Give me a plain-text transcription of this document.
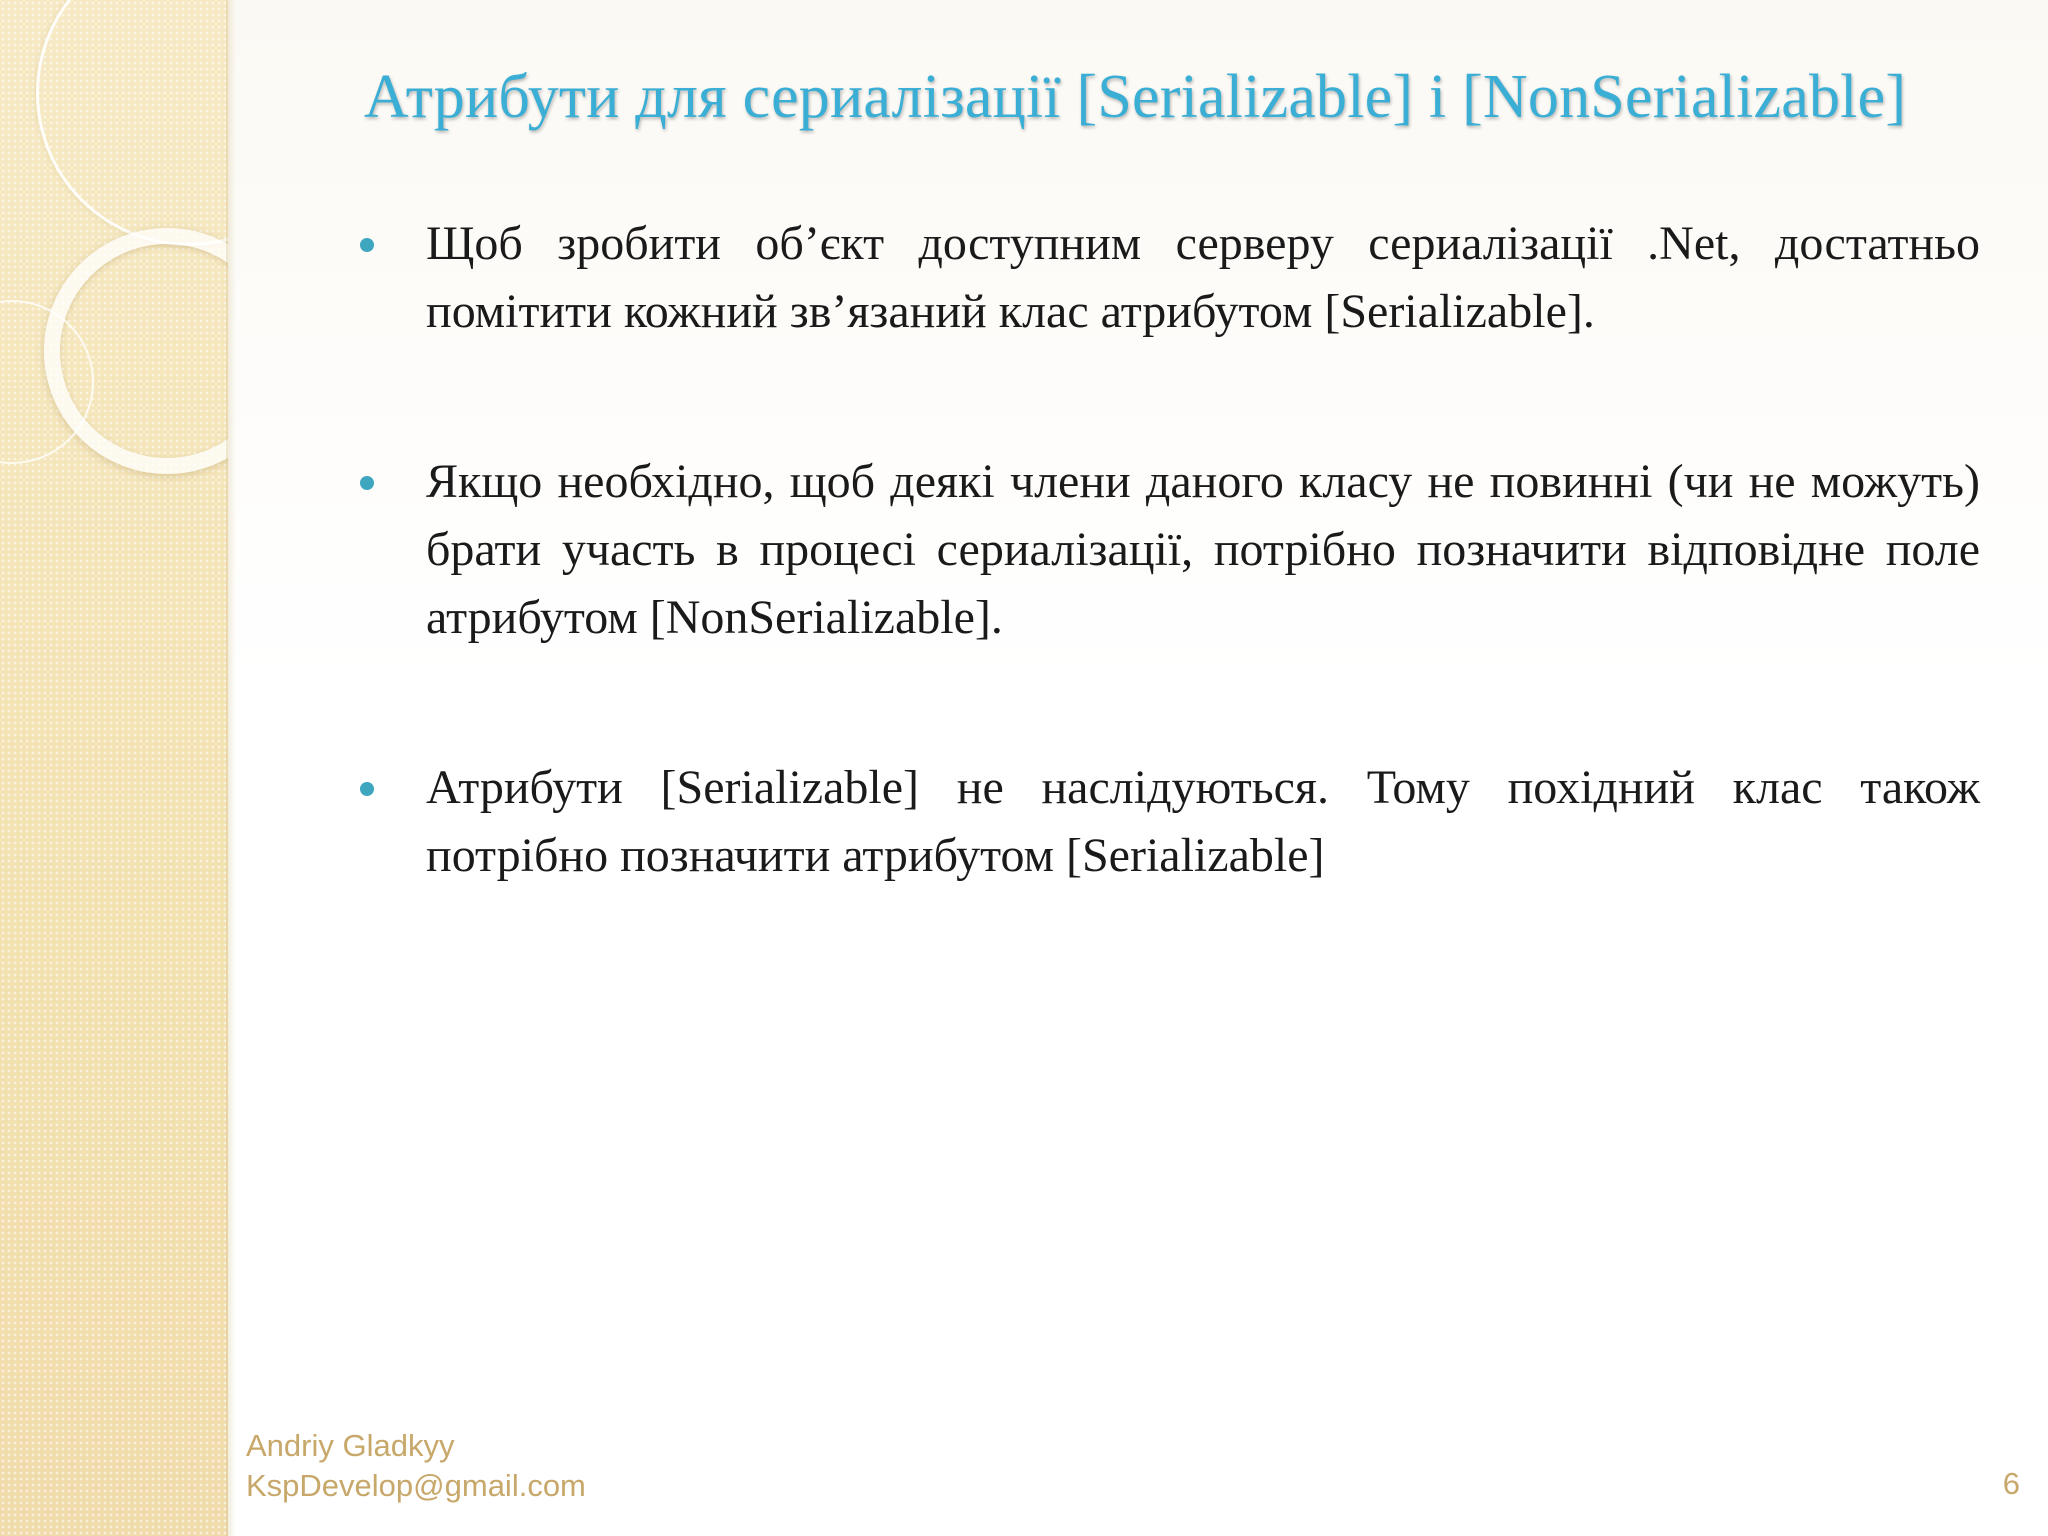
Атрибути для сериалізації [Serializable] і [NonSerializable]
Щоб зробити об’єкт доступним серверу сериалізації .Net, достатньо помітити кожний зв’язаний клас атрибутом [Serializable].
Якщо необхідно, щоб деякі члени даного класу не повинні (чи не можуть) брати участь в процесі сериалізації, потрібно позначити відповідне поле атрибутом [NonSerializable].
Атрибути [Serializable] не наслідуються. Тому похідний клас також потрібно позначити атрибутом [Serializable]
Andriy Gladkyy
KspDevelop@gmail.com	6
